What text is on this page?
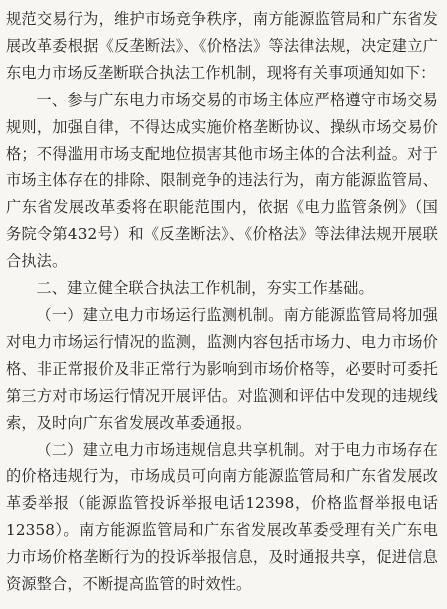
规范交易行为，维护市场竞争秩序，南方能源监管局和广东省发展改革委根据《反垄断法》、《价格法》等法律法规，决定建立广东电力市场反垄断联合执法工作机制，现将有关事项通知如下：

一、参与广东电力市场交易的市场主体应严格遵守市场交易规则，加强自律，不得达成实施价格垄断协议、操纵市场交易价格；不得滥用市场支配地位损害其他市场主体的合法利益。对于市场主体存在的排除、限制竞争的违法行为，南方能源监管局、广东省发展改革委将在职能范围内，依据《电力监管条例》（国务院令第432号）和《反垄断法》、《价格法》等法律法规开展联合执法。

二、建立健全联合执法工作机制，夯实工作基础。

（一）建立电力市场运行监测机制。南方能源监管局将加强对电力市场运行情况的监测，监测内容包括市场力、电力市场价格、非正常报价及非正常行为影响到市场价格等，必要时可委托第三方对市场运行情况开展评估。对监测和评估中发现的违规线索，及时向广东省发展改革委通报。

（二）建立电力市场违规信息共享机制。对于电力市场存在的价格违规行为，市场成员可向南方能源监管局和广东省发展改革委举报（能源监管投诉举报电话12398，价格监督举报电话12358）。南方能源监管局和广东省发展改革委受理有关广东电力市场价格垄断行为的投诉举报信息，及时通报共享，促进信息资源整合，不断提高监管的时效性。
